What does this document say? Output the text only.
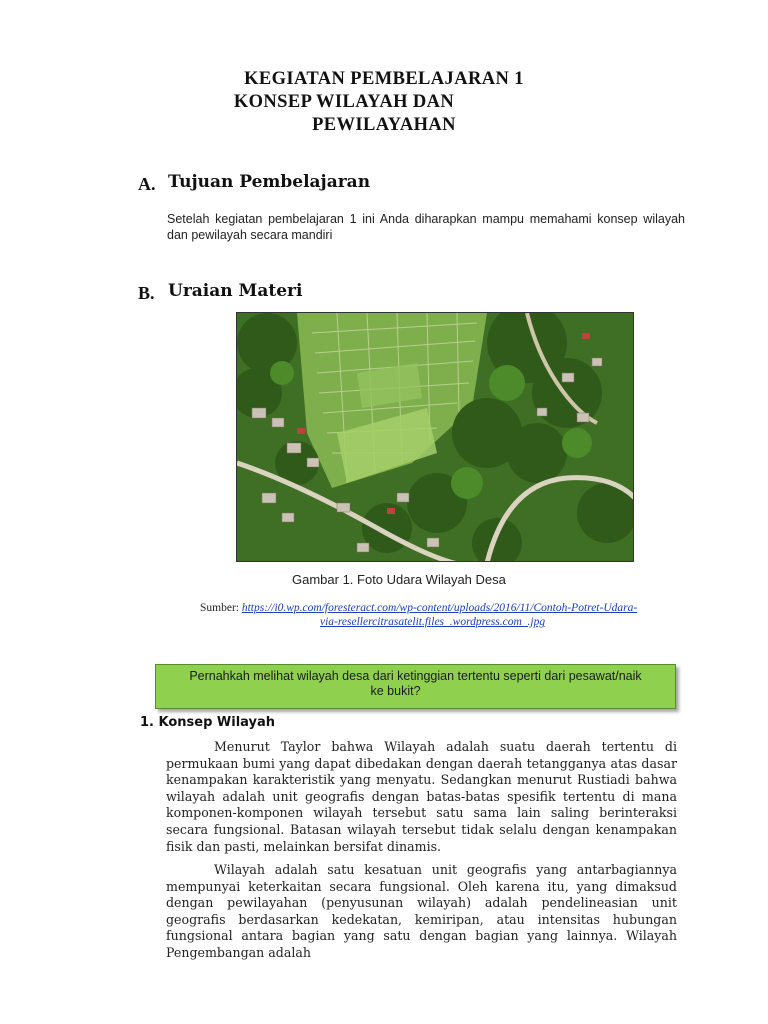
KEGIATAN PEMBELAJARAN 1
KONSEP WILAYAH DAN
PEWILAYAHAN
A. Tujuan Pembelajaran
Setelah kegiatan pembelajaran 1 ini Anda diharapkan mampu memahami konsep wilayah dan pewilayah secara mandiri
B. Uraian Materi
Gambar 1. Foto Udara Wilayah Desa
Sumber: https://i0.wp.com/foresteract.com/wp-content/uploads/2016/11/Contoh-Potret-Udara-
via-resellercitrasatelit.files_.wordpress.com_.jpg
Pernahkah melihat wilayah desa dari ketinggian tertentu seperti dari pesawat/naik
ke bukit?
1. Konsep Wilayah
Menurut Taylor bahwa Wilayah adalah suatu daerah tertentu di permukaan bumi yang dapat dibedakan dengan daerah tetangganya atas dasar kenampakan karakteristik yang menyatu. Sedangkan menurut Rustiadi bahwa wilayah adalah unit geografis dengan batas-batas spesifik tertentu di mana komponen-komponen wilayah tersebut satu sama lain saling berinteraksi secara fungsional. Batasan wilayah tersebut tidak selalu dengan kenampakan fisik dan pasti, melainkan bersifat dinamis.
Wilayah adalah satu kesatuan unit geografis yang antarbagiannya mempunyai keterkaitan secara fungsional. Oleh karena itu, yang dimaksud dengan pewilayahan (penyusunan wilayah) adalah pendelineasian unit geografis berdasarkan kedekatan, kemiripan, atau intensitas hubungan fungsional antara bagian yang satu dengan bagian yang lainnya. Wilayah Pengembangan adalah
